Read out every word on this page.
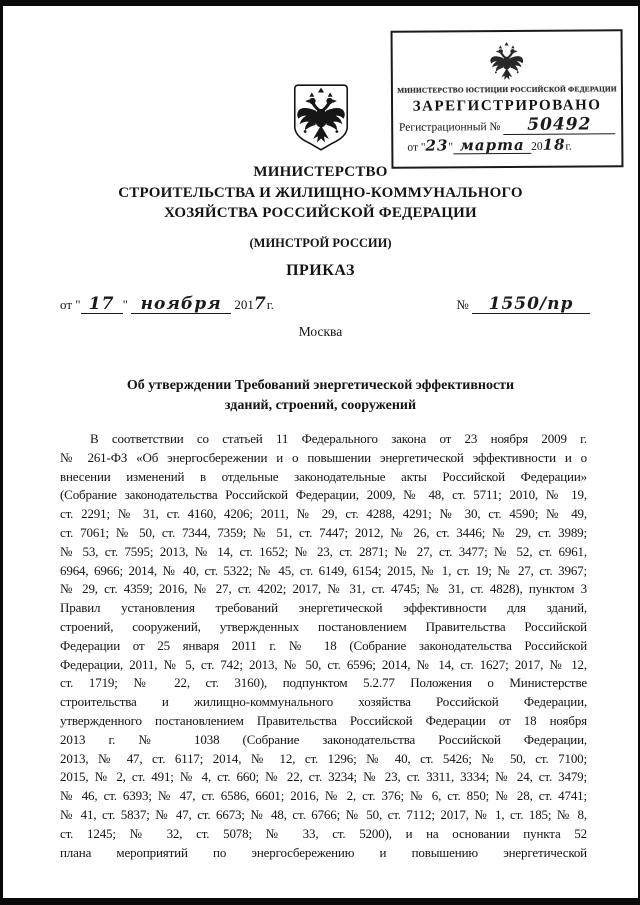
МИНИСТЕРСТВО ЮСТИЦИИ РОССИЙСКОЙ ФЕДЕРАЦИИ
ЗАРЕГИСТРИРОВАНО
Регистрационный №
	50492
от " 23 " марта 20 18 г.
МИНИСТЕРСТВО
СТРОИТЕЛЬСТВА И ЖИЛИЩНО-КОММУНАЛЬНОГО
ХОЗЯЙСТВА РОССИЙСКОЙ ФЕДЕРАЦИИ
(МИНСТРОЙ РОССИИ)
ПРИКАЗ
от " 17 "
ноября
201 7 г.	№
	1550/пр
Москва
Об утверждении Требований энергетической эффективности
зданий, строений, сооружений
В соответствии со статьей 11 Федерального закона от 23 ноября 2009 г.
№ 261-ФЗ «Об энергосбережении и о повышении энергетической эффективности и о
внесении изменений в отдельные законодательные акты Российской Федерации»
(Собрание законодательства Российской Федерации, 2009, № 48, ст. 5711; 2010, № 19,
ст. 2291; № 31, ст. 4160, 4206; 2011, № 29, ст. 4288, 4291; № 30, ст. 4590; № 49,
ст. 7061; № 50, ст. 7344, 7359; № 51, ст. 7447; 2012, № 26, ст. 3446; № 29, ст. 3989;
№ 53, ст. 7595; 2013, № 14, ст. 1652; № 23, ст. 2871; № 27, ст. 3477; № 52, ст. 6961,
6964, 6966; 2014, № 40, ст. 5322; № 45, ст. 6149, 6154; 2015, № 1, ст. 19; № 27, ст. 3967;
№ 29, ст. 4359; 2016, № 27, ст. 4202; 2017, № 31, ст. 4745; № 31, ст. 4828), пунктом 3
Правил установления требований энергетической эффективности для зданий,
строений, сооружений, утвержденных постановлением Правительства Российской
Федерации от 25 января 2011 г. № 18 (Собрание законодательства Российской
Федерации, 2011, № 5, ст. 742; 2013, № 50, ст. 6596; 2014, № 14, ст. 1627; 2017, № 12,
ст. 1719; № 22, ст. 3160), подпунктом 5.2.77 Положения о Министерстве
строительства и жилищно-коммунального хозяйства Российской Федерации,
утвержденного постановлением Правительства Российской Федерации от 18 ноября
2013 г. № 1038 (Собрание законодательства Российской Федерации,
2013, № 47, ст. 6117; 2014, № 12, ст. 1296; № 40, ст. 5426; № 50, ст. 7100;
2015, № 2, ст. 491; № 4, ст. 660; № 22, ст. 3234; № 23, ст. 3311, 3334; № 24, ст. 3479;
№ 46, ст. 6393; № 47, ст. 6586, 6601; 2016, № 2, ст. 376; № 6, ст. 850; № 28, ст. 4741;
№ 41, ст. 5837; № 47, ст. 6673; № 48, ст. 6766; № 50, ст. 7112; 2017, № 1, ст. 185; № 8,
ст. 1245; № 32, ст. 5078; № 33, ст. 5200), и на основании пункта 52
плана мероприятий по энергосбережению и повышению энергетической
